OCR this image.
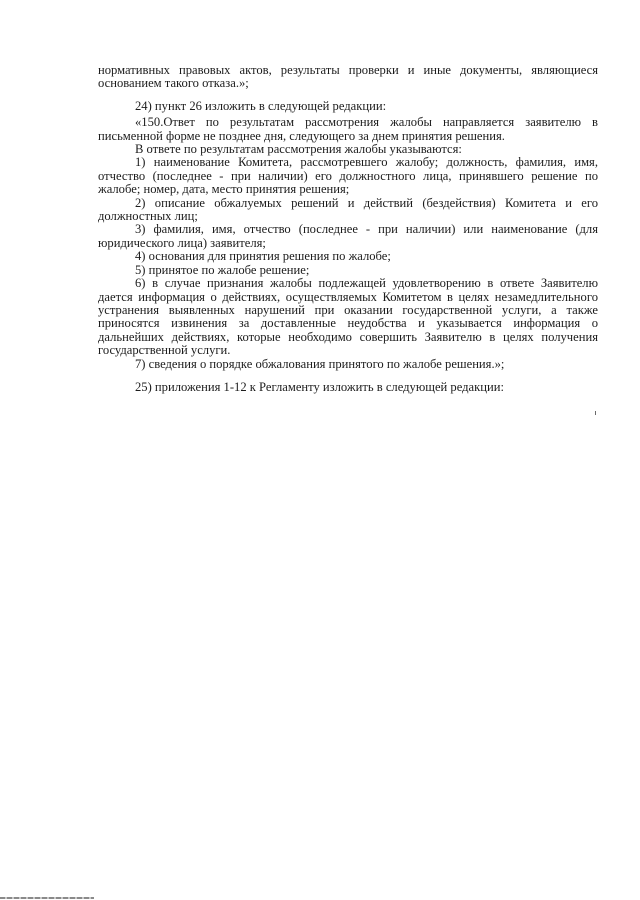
нормативных правовых актов, результаты проверки и иные документы, являющиеся основанием такого отказа.»;

24) пункт 26 изложить в следующей редакции:

«150.Ответ по результатам рассмотрения жалобы направляется заявителю в письменной форме не позднее дня, следующего за днем принятия решения.

В ответе по результатам рассмотрения жалобы указываются:

1) наименование Комитета, рассмотревшего жалобу; должность, фамилия, имя, отчество (последнее - при наличии) его должностного лица, принявшего решение по жалобе; номер, дата, место принятия решения;

2) описание обжалуемых решений и действий (бездействия) Комитета и его должностных лиц;

3) фамилия, имя, отчество (последнее - при наличии) или наименование (для юридического лица) заявителя;

4) основания для принятия решения по жалобе;

5) принятое по жалобе решение;

6) в случае признания жалобы подлежащей удовлетворению в ответе Заявителю дается информация о действиях, осуществляемых Комитетом в целях незамедлительного устранения выявленных нарушений при оказании государственной услуги, а также приносятся извинения за доставленные неудобства и указывается информация о дальнейших действиях, которые необходимо совершить Заявителю в целях получения государственной услуги.

7) сведения о порядке обжалования принятого по жалобе решения.»;

25) приложения 1-12 к Регламенту изложить в следующей редакции:
